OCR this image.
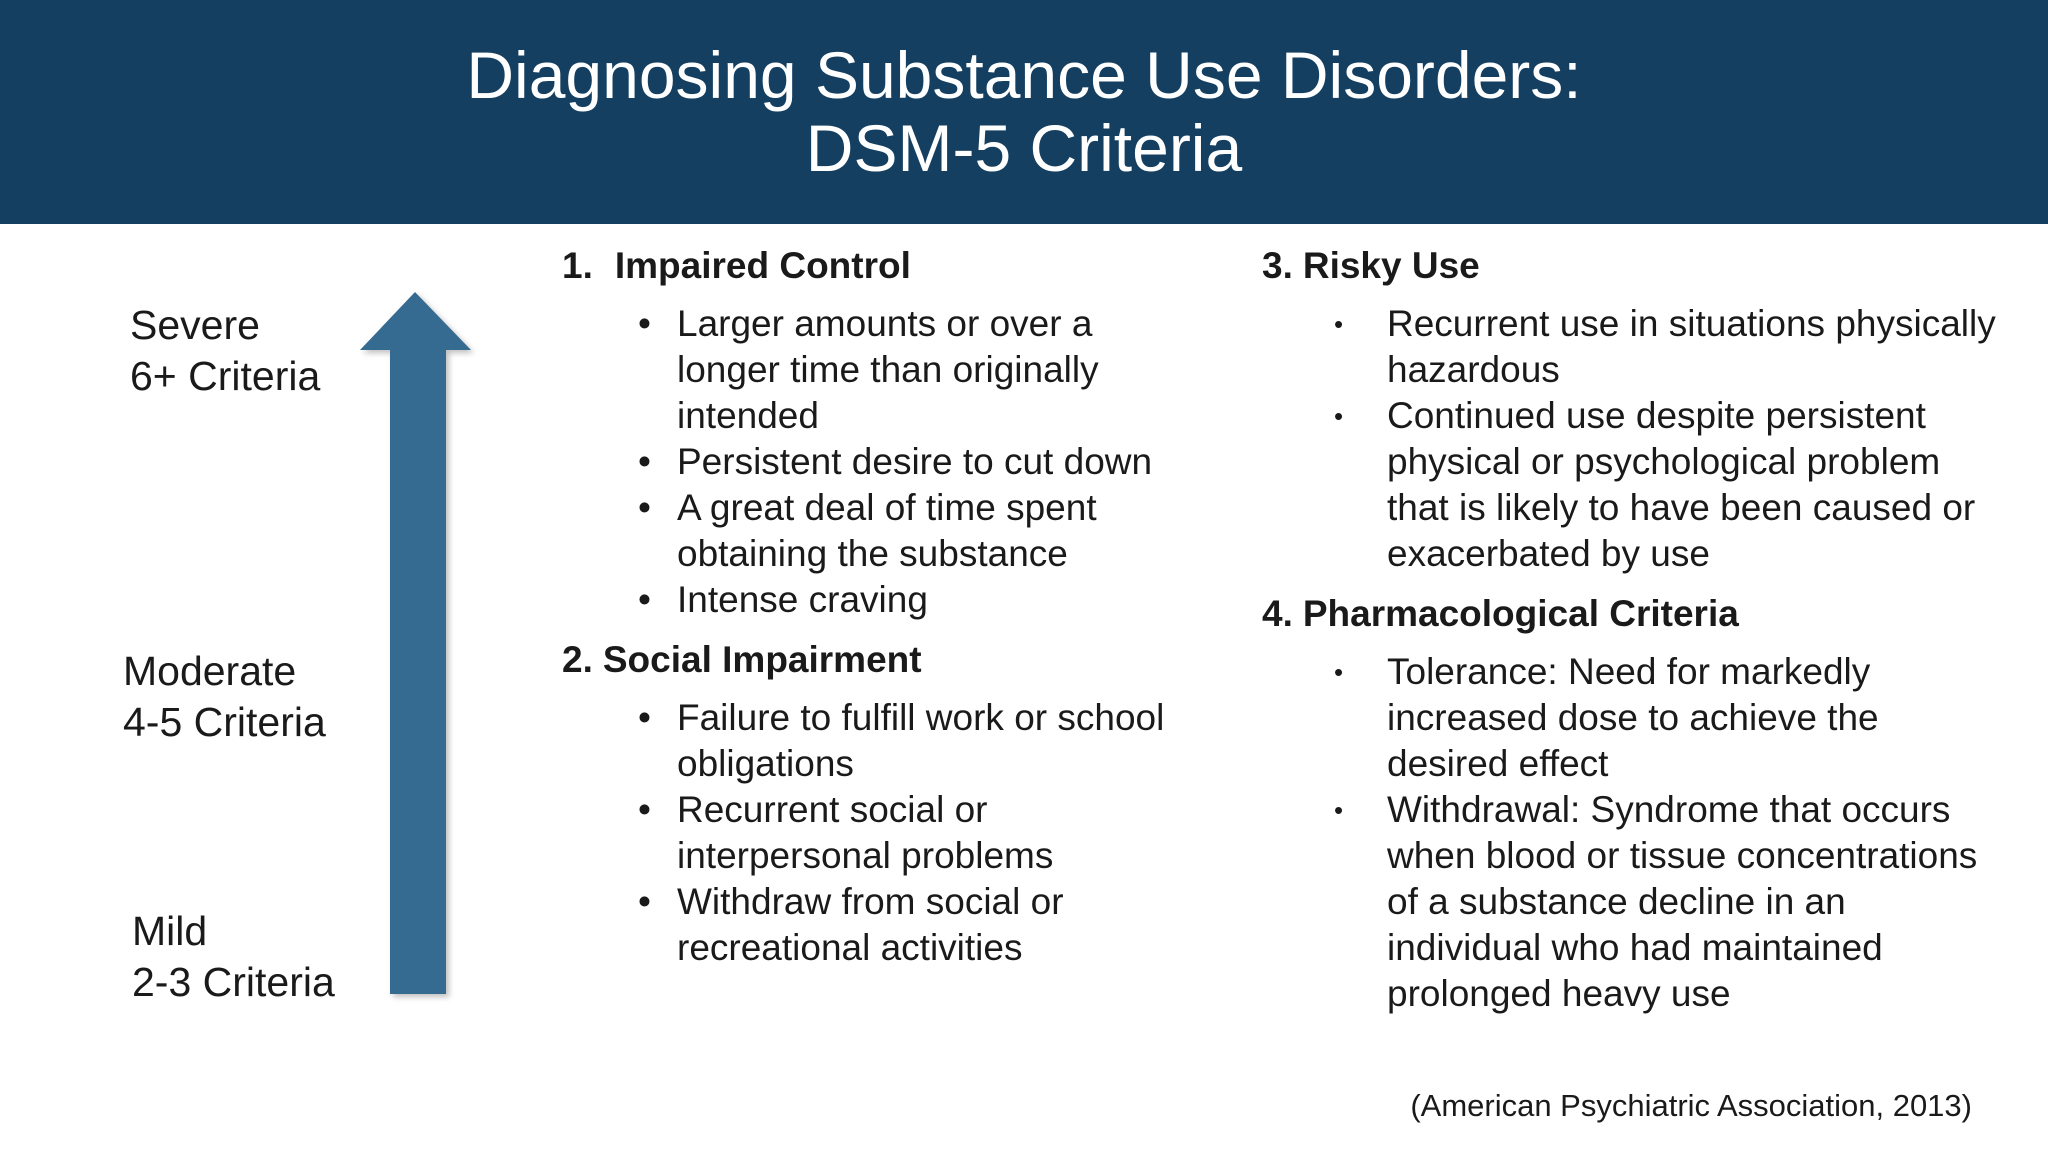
Diagnosing Substance Use Disorders:
DSM-5 Criteria
Severe
6+ Criteria
Moderate
4-5 Criteria
Mild
2-3 Criteria
1. Impaired Control
• Larger amounts or over a longer time than originally intended
• Persistent desire to cut down
• A great deal of time spent obtaining the substance
• Intense craving
2. Social Impairment
• Failure to fulfill work or school obligations
• Recurrent social or interpersonal problems
• Withdraw from social or recreational activities
3. Risky Use
• Recurrent use in situations physically hazardous
• Continued use despite persistent physical or psychological problem that is likely to have been caused or exacerbated by use
4. Pharmacological Criteria
• Tolerance: Need for markedly increased dose to achieve the desired effect
• Withdrawal: Syndrome that occurs when blood or tissue concentrations of a substance decline in an individual who had maintained prolonged heavy use
(American Psychiatric Association, 2013)
